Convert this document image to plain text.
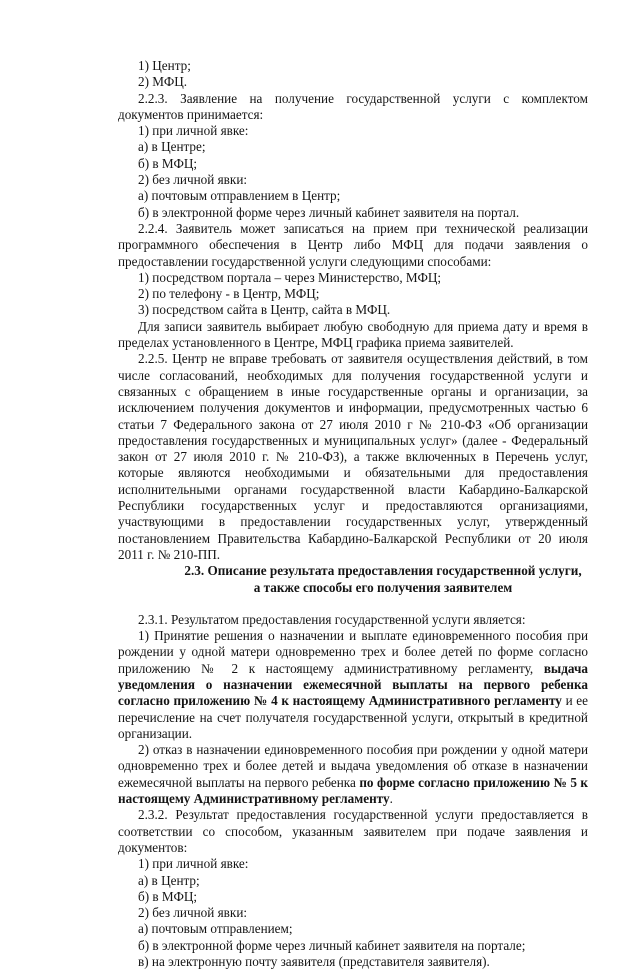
1) Центр;

2) МФЦ.

2.2.3. Заявление на получение государственной услуги с комплектом документов принимается:

1) при личной явке:

а) в Центре;

б) в МФЦ;

2) без личной явки:

а) почтовым отправлением в Центр;

б) в электронной форме через личный кабинет заявителя на портал.

2.2.4. Заявитель может записаться на прием при технической реализации программного обеспечения в Центр либо МФЦ для подачи заявления о предоставлении государственной услуги следующими способами:

1) посредством портала – через Министерство, МФЦ;

2) по телефону - в Центр, МФЦ;

3) посредством сайта в Центр, сайта в МФЦ.

Для записи заявитель выбирает любую свободную для приема дату и время в пределах установленного в Центре, МФЦ графика приема заявителей.

2.2.5. Центр не вправе требовать от заявителя осуществления действий, в том числе согласований, необходимых для получения государственной услуги и связанных с обращением в иные государственные органы и организации, за исключением получения документов и информации, предусмотренных частью 6 статьи 7 Федерального закона от 27 июля 2010 г № 210-ФЗ «Об организации предоставления государственных и муниципальных услуг» (далее - Федеральный закон от 27 июля 2010 г. № 210-ФЗ), а также включенных в Перечень услуг, которые являются необходимыми и обязательными для предоставления исполнительными органами государственной власти Кабардино-Балкарской Республики государственных услуг и предоставляются организациями, участвующими в предоставлении государственных услуг, утвержденный постановлением Правительства Кабардино-Балкарской Республики от 20 июля 2011 г. № 210-ПП.

2.3. Описание результата предоставления государственной услуги,

а также способы его получения заявителем

2.3.1. Результатом предоставления государственной услуги является:

1) Принятие решения о назначении и выплате единовременного пособия при рождении у одной матери одновременно трех и более детей по форме согласно приложению № 2 к настоящему административному регламенту, выдача уведомления о назначении ежемесячной выплаты на первого ребенка согласно приложению № 4 к настоящему Административного регламенту и ее перечисление на счет получателя государственной услуги, открытый в кредитной организации.

2) отказ в назначении единовременного пособия при рождении у одной матери одновременно трех и более детей и выдача уведомления об отказе в назначении ежемесячной выплаты на первого ребенка по форме согласно приложению № 5 к настоящему Административному регламенту.

2.3.2. Результат предоставления государственной услуги предоставляется в соответствии со способом, указанным заявителем при подаче заявления и документов:

1) при личной явке:

а) в Центр;

б) в МФЦ;

2) без личной явки:

а) почтовым отправлением;

б) в электронной форме через личный кабинет заявителя на портале;

в) на электронную почту заявителя (представителя заявителя).
